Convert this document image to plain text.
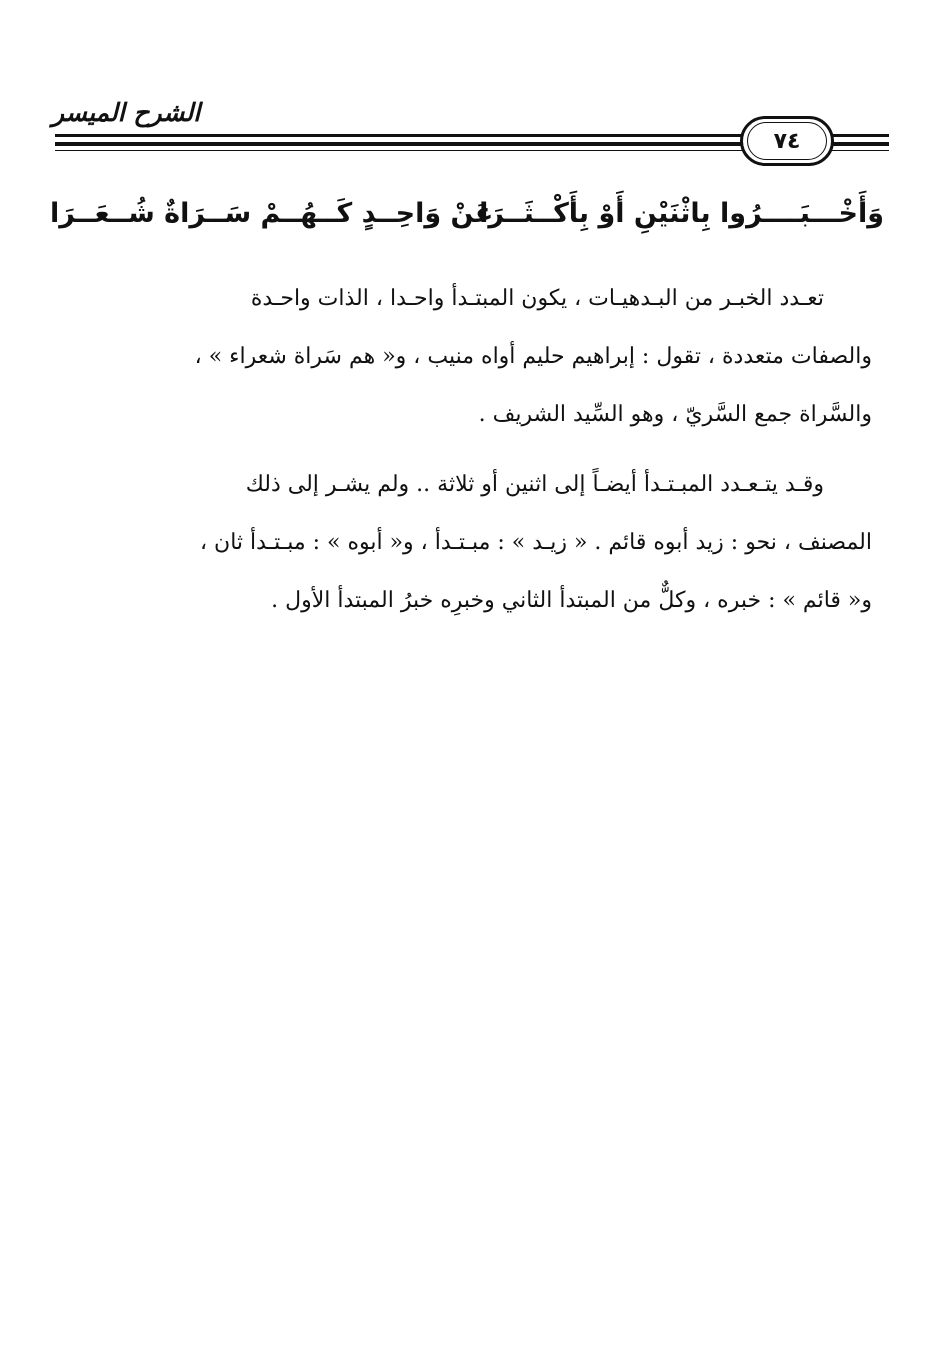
الشرح الميسر
٧٤
وَأَخْـــبَــــرُوا بِاثْنَيْنِ أَوْ بِأَكْــثَــرَا
عَنْ وَاحِــدٍ كَــهُــمْ سَــرَاةٌ شُــعَــرَا
تعـدد الخبـر من البـدهيـات ، يكون المبتـدأ واحـدا ، الذات واحـدة
والصفات متعددة ، تقول : إبراهيم حليم أواه منيب ، و« هم سَراة شعراء » ،
والسَّراة جمع السَّريّ ، وهو السِّيد الشريف .
وقـد يتـعـدد المبـتـدأ أيضـاً إلى اثنين أو ثلاثة .. ولم يشـر إلى ذلك
المصنف ، نحو : زيد أبوه قائم . « زيـد » : مبـتـدأ ، و« أبوه » : مبـتـدأ ثان ،
و« قائم » : خبره ، وكلٌّ من المبتدأ الثاني وخبرِه خبرُ المبتدأ الأول .
